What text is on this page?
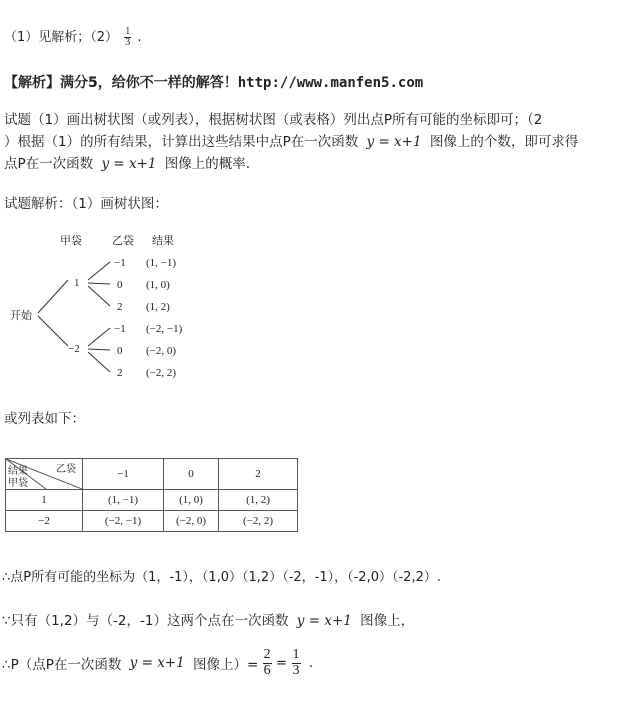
（1）见解析；$(2) \frac{1}{3}$ .
【解析】满分5，给你不一样的解答！http://www.manfen5.com
试题（1）画出树状图（或列表），根据树状图（或表格）列出点P所有可能的坐标即可；（2
）根据（1）的所有结果，计算出这些结果中点P在一次函数 y = x+1 图像上的个数，即可求得
点P在一次函数 y = x+1 图像上的概率.
试题解析：（1）画树状图：
甲袋	乙袋 结果
开始
1
−2
−1
0
2
−1
0
2
(1, −1)
(1, 0)
(1, 2)
(−2, −1)
(−2, 0)
(−2, 2)
或列表如下：
乙袋
结果
甲袋	−1	0	2
1	(1, −1)	(1, 0)	(1, 2)
−2	(−2, −1)	(−2, 0)	(−2, 2)
∴点P所有可能的坐标为（1，-1），（1,0）（1,2）（-2，-1），（-2,0）（-2,2）.
∵只有（1,2）与（-2，-1）这两个点在一次函数 y = x+1 图像上，
∴P（点P在一次函数 y = x+1 图像上）= $\frac{2}{6} = \frac{1}{3}$ .
